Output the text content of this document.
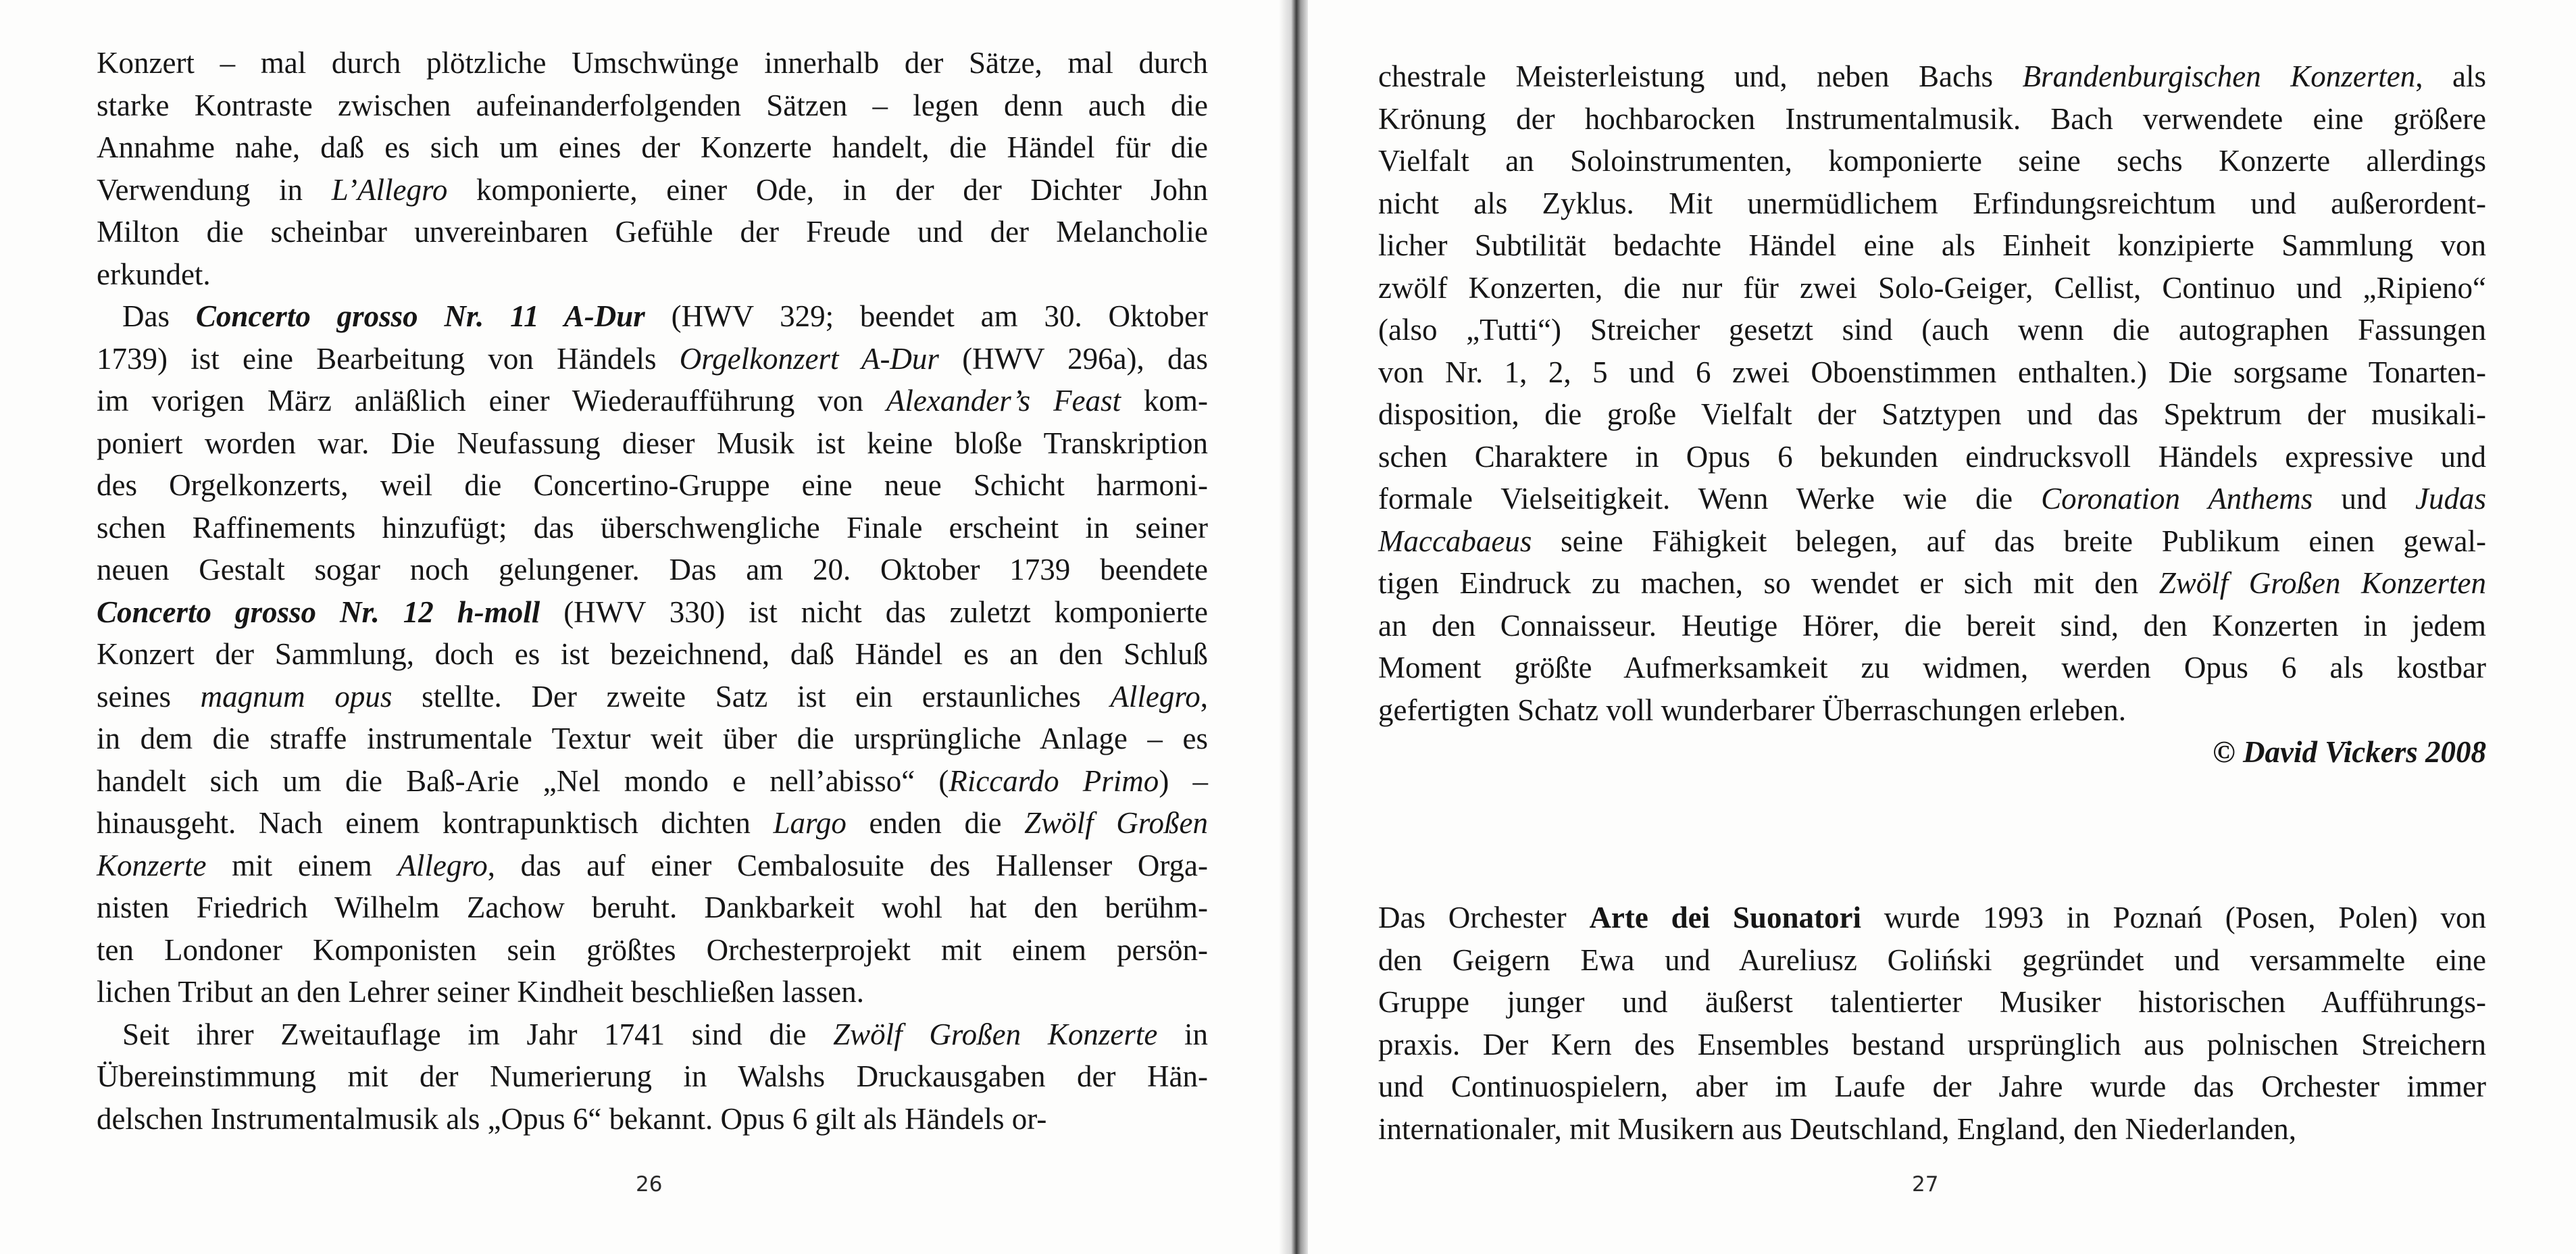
Konzert – mal durch plötzliche Umschwünge innerhalb der Sätze, mal durch
starke Kontraste zwischen aufeinanderfolgenden Sätzen – legen denn auch die
Annahme nahe, daß es sich um eines der Konzerte handelt, die Händel für die
Verwendung in L’Allegro komponierte, einer Ode, in der der Dichter John
Milton die scheinbar unvereinbaren Gefühle der Freude und der Melancholie
erkundet.
Das Concerto grosso Nr. 11 A-Dur (HWV 329; beendet am 30. Oktober
1739) ist eine Bearbeitung von Händels Orgelkonzert A-Dur (HWV 296a), das
im vorigen März anläßlich einer Wiederaufführung von Alexander’s Feast kom-
poniert worden war. Die Neufassung dieser Musik ist keine bloße Transkription
des Orgelkonzerts, weil die Concertino-Gruppe eine neue Schicht harmoni-
schen Raffinements hinzufügt; das überschwengliche Finale erscheint in seiner
neuen Gestalt sogar noch gelungener. Das am 20. Oktober 1739 beendete
Concerto grosso Nr. 12 h-moll (HWV 330) ist nicht das zuletzt komponierte
Konzert der Sammlung, doch es ist bezeichnend, daß Händel es an den Schluß
seines magnum opus stellte. Der zweite Satz ist ein erstaunliches Allegro,
in dem die straffe instrumentale Textur weit über die ursprüngliche Anlage – es
handelt sich um die Baß-Arie „Nel mondo e nell’abisso“ (Riccardo Primo) –
hinausgeht. Nach einem kontrapunktisch dichten Largo enden die Zwölf Großen
Konzerte mit einem Allegro, das auf einer Cembalosuite des Hallenser Orga-
nisten Friedrich Wilhelm Zachow beruht. Dankbarkeit wohl hat den berühm-
ten Londoner Komponisten sein größtes Orchesterprojekt mit einem persön-
lichen Tribut an den Lehrer seiner Kindheit beschließen lassen.
Seit ihrer Zweitauflage im Jahr 1741 sind die Zwölf Großen Konzerte in
Übereinstimmung mit der Numerierung in Walshs Druckausgaben der Hän-
delschen Instrumentalmusik als „Opus 6“ bekannt. Opus 6 gilt als Händels or-
26
chestrale Meisterleistung und, neben Bachs Brandenburgischen Konzerten, als
Krönung der hochbarocken Instrumentalmusik. Bach verwendete eine größere
Vielfalt an Soloinstrumenten, komponierte seine sechs Konzerte allerdings
nicht als Zyklus. Mit unermüdlichem Erfindungsreichtum und außerordent-
licher Subtilität bedachte Händel eine als Einheit konzipierte Sammlung von
zwölf Konzerten, die nur für zwei Solo-Geiger, Cellist, Continuo und „Ripieno“
(also „Tutti“) Streicher gesetzt sind (auch wenn die autographen Fassungen
von Nr. 1, 2, 5 und 6 zwei Oboenstimmen enthalten.) Die sorgsame Tonarten-
disposition, die große Vielfalt der Satztypen und das Spektrum der musikali-
schen Charaktere in Opus 6 bekunden eindrucksvoll Händels expressive und
formale Vielseitigkeit. Wenn Werke wie die Coronation Anthems und Judas
Maccabaeus seine Fähigkeit belegen, auf das breite Publikum einen gewal-
tigen Eindruck zu machen, so wendet er sich mit den Zwölf Großen Konzerten
an den Connaisseur. Heutige Hörer, die bereit sind, den Konzerten in jedem
Moment größte Aufmerksamkeit zu widmen, werden Opus 6 als kostbar
gefertigten Schatz voll wunderbarer Überraschungen erleben.
© David Vickers 2008
Das Orchester Arte dei Suonatori wurde 1993 in Poznań (Posen, Polen) von
den Geigern Ewa und Aureliusz Goliński gegründet und versammelte eine
Gruppe junger und äußerst talentierter Musiker historischen Aufführungs-
praxis. Der Kern des Ensembles bestand ursprünglich aus polnischen Streichern
und Continuospielern, aber im Laufe der Jahre wurde das Orchester immer
internationaler, mit Musikern aus Deutschland, England, den Niederlanden,
27
